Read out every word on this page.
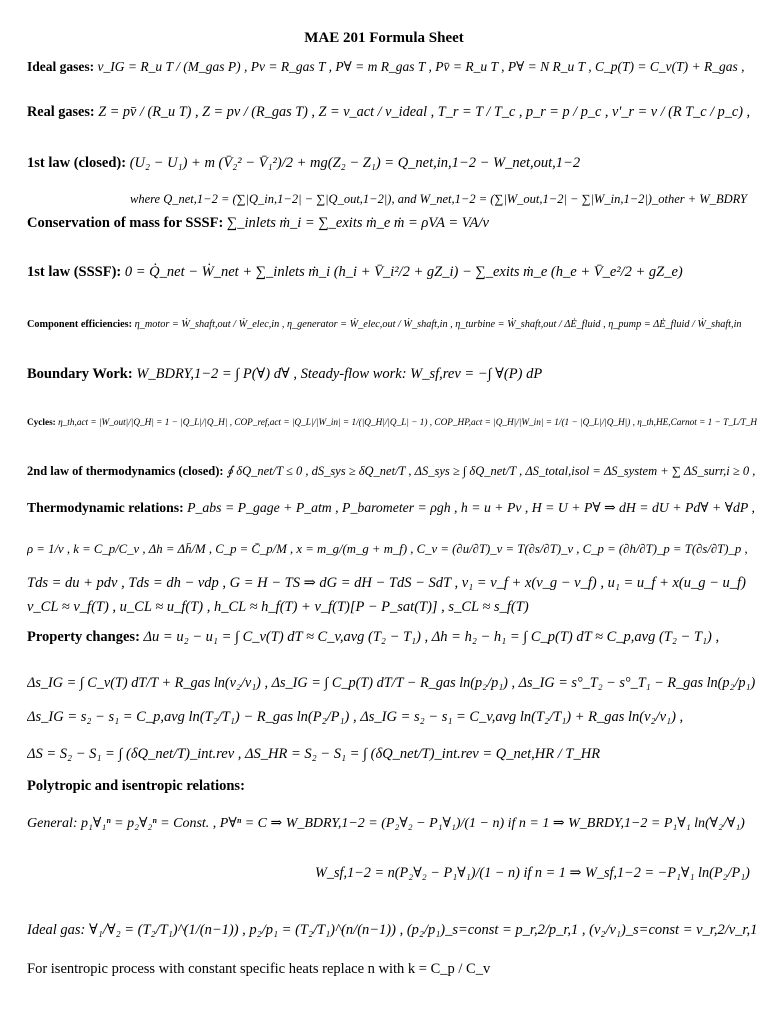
MAE 201 Formula Sheet
Ideal gases: v_IG = R_u T / (M_gas P) , Pv = R_gas T , P∀ = m R_gas T , Pv̄ = R_u T , P∀ = N R_u T , C_p(T) = C_v(T) + R_gas ,
Real gases: Z = pv̄ / (R_u T) , Z = pv / (R_gas T) , Z = v_act / v_ideal , T_r = T / T_c , p_r = p / p_c , v'_r = v / (R T_c / p_c) ,
1st law (closed): (U₂ − U₁) + m (V̄₂² − V̄₁²)/2 + mg(Z₂ − Z₁) = Q_net,in,1−2 − W_net,out,1−2
where Q_net,1−2 = (∑|Q_in,1−2| − ∑|Q_out,1−2|), and W_net,1−2 = (∑|W_out,1−2| − ∑|W_in,1−2|)_other + W_BDRY
Conservation of mass for SSSF: ∑_inlets ṁ_i = ∑_exits ṁ_e ṁ = ρVA = VA/v
1st law (SSSF): 0 = Q̇_net − Ẇ_net + ∑_inlets ṁ_i (h_i + V̄_i²/2 + gZ_i) − ∑_exits ṁ_e (h_e + V̄_e²/2 + gZ_e)
Component efficiencies: η_motor = Ẇ_shaft,out / Ẇ_elec,in , η_generator = Ẇ_elec,out / Ẇ_shaft,in , η_turbine = Ẇ_shaft,out / ΔĖ_fluid , η_pump = ΔĖ_fluid / Ẇ_shaft,in
Boundary Work: W_BDRY,1−2 = ∫ P(∀) d∀ , Steady-flow work: W_sf,rev = −∫ ∀(P) dP
Cycles: η_th,act = |W_out|/|Q_H| = 1 − |Q_L|/|Q_H| , COP_ref,act = |Q_L|/|W_in| = 1/(|Q_H|/|Q_L| − 1) , COP_HP,act = |Q_H|/|W_in| = 1/(1 − |Q_L|/|Q_H|) , η_th,HE,Carnot = 1 − T_L/T_H
2nd law of thermodynamics (closed): ∮ δQ_net/T ≤ 0 , dS_sys ≥ δQ_net/T , ΔS_sys ≥ ∫ δQ_net/T , ΔS_total,isol = ΔS_system + ∑ ΔS_surr,i ≥ 0 ,
Thermodynamic relations: P_abs = P_gage + P_atm , P_barometer = ρgh , h = u + Pv , H = U + P∀ ⇒ dH = dU + Pd∀ + ∀dP ,
ρ = 1/v , k = C_p/C_v , Δh = Δh̄/M , C_p = C̄_p/M , x = m_g/(m_g + m_f) , C_v = (∂u/∂T)_v = T(∂s/∂T)_v , C_p = (∂h/∂T)_p = T(∂s/∂T)_p ,
Tds = du + pdv , Tds = dh − vdp , G = H − TS ⇒ dG = dH − TdS − SdT , v₁ = v_f + x(v_g − v_f) , u₁ = u_f + x(u_g − u_f)
v_CL ≈ v_f(T) , u_CL ≈ u_f(T) , h_CL ≈ h_f(T) + v_f(T)[P − P_sat(T)] , s_CL ≈ s_f(T)
Property changes: Δu = u₂ − u₁ = ∫ C_v(T) dT ≈ C_v,avg (T₂ − T₁) , Δh = h₂ − h₁ = ∫ C_p(T) dT ≈ C_p,avg (T₂ − T₁) ,
Δs_IG = ∫ C_v(T) dT/T + R_gas ln(v₂/v₁) , Δs_IG = ∫ C_p(T) dT/T − R_gas ln(p₂/p₁) , Δs_IG = s°_T₂ − s°_T₁ − R_gas ln(p₂/p₁)
Δs_IG = s₂ − s₁ = C_p,avg ln(T₂/T₁) − R_gas ln(P₂/P₁) , Δs_IG = s₂ − s₁ = C_v,avg ln(T₂/T₁) + R_gas ln(v₂/v₁) ,
ΔS = S₂ − S₁ = ∫ (δQ_net/T)_int.rev , ΔS_HR = S₂ − S₁ = ∫ (δQ_net/T)_int.rev = Q_net,HR / T_HR
Polytropic and isentropic relations:
General: p₁∀₁ⁿ = p₂∀₂ⁿ = Const. , P∀ⁿ = C ⇒ W_BDRY,1−2 = (P₂∀₂ − P₁∀₁)/(1 − n) if n = 1 ⇒ W_BRDY,1−2 = P₁∀₁ ln(∀₂/∀₁)
W_sf,1−2 = n(P₂∀₂ − P₁∀₁)/(1 − n) if n = 1 ⇒ W_sf,1−2 = −P₁∀₁ ln(P₂/P₁)
Ideal gas: ∀₁/∀₂ = (T₂/T₁)^(1/(n−1)) , p₂/p₁ = (T₂/T₁)^(n/(n−1)) , (p₂/p₁)_s=const = p_r,2/p_r,1 , (v₂/v₁)_s=const = v_r,2/v_r,1
For isentropic process with constant specific heats replace n with k = C_p / C_v
